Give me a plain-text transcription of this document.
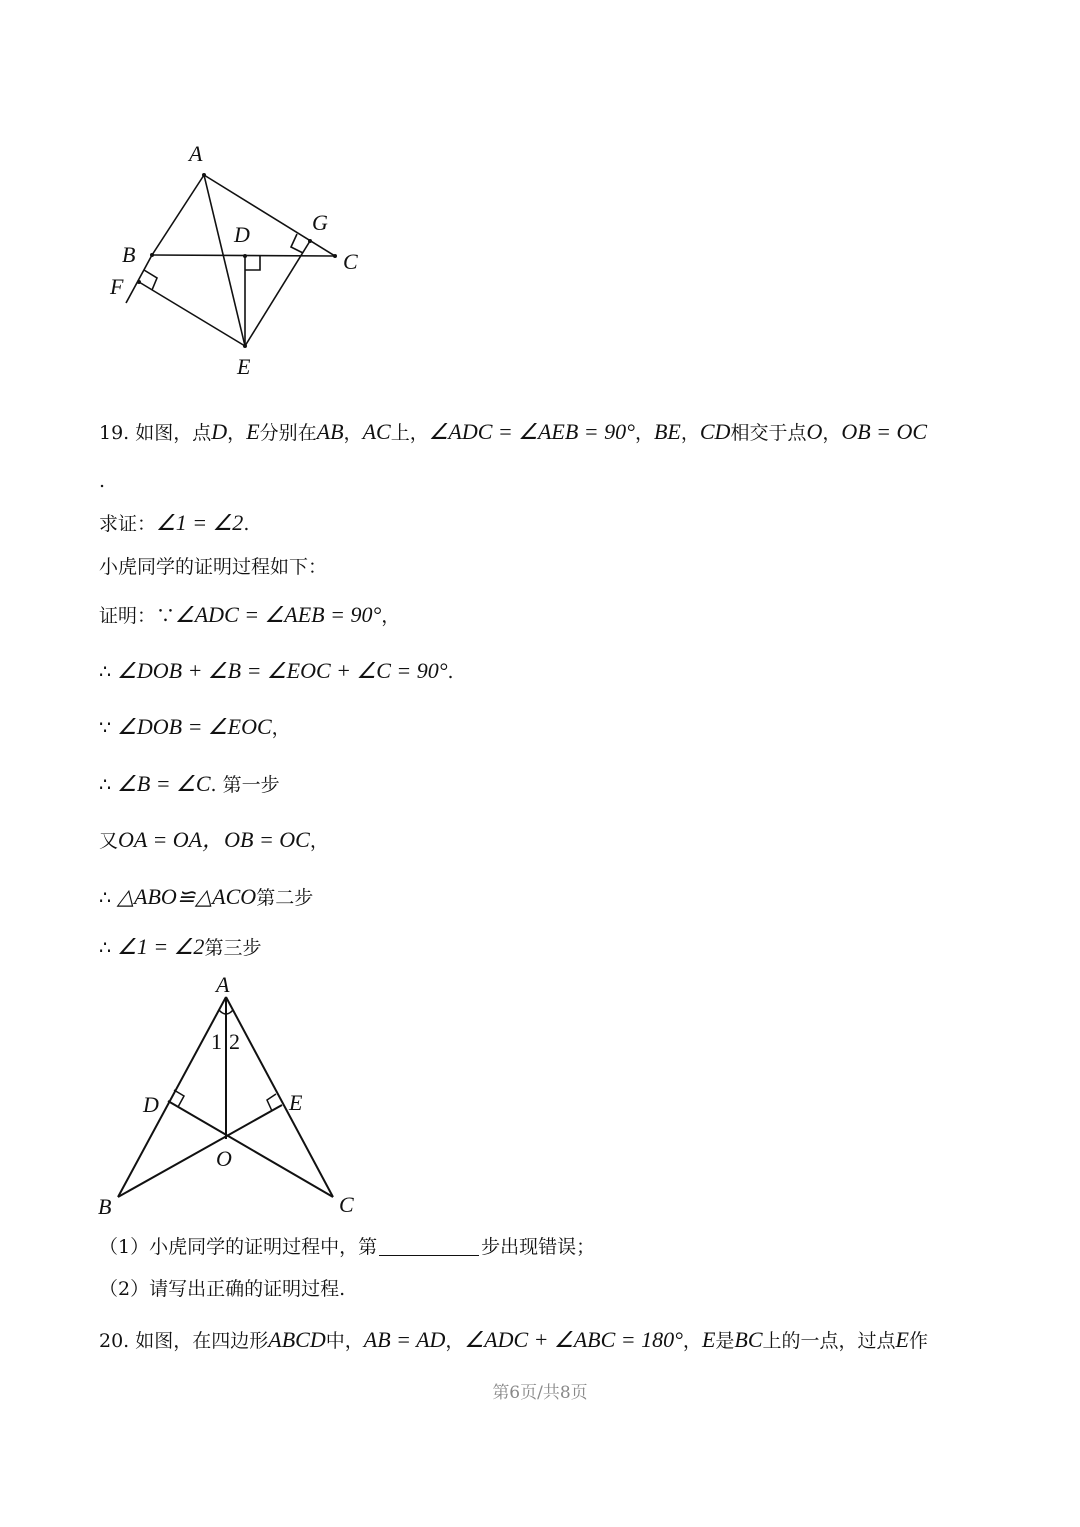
A
B	C
D
E
F
G
19. 如图，点D，E分别在AB，AC上，∠ADC = ∠AEB = 90°，BE，CD相交于点O，OB = OC
.
求证：∠1 = ∠2.
小虎同学的证明过程如下：
证明：∵∠ADC = ∠AEB = 90°，
∴ ∠DOB + ∠B = ∠EOC + ∠C = 90°.
∵ ∠DOB = ∠EOC，
∴ ∠B = ∠C. 第一步
又OA = OA，OB = OC，
∴ △ABO≌△ACO第二步
∴ ∠1 = ∠2第三步
A
B	C
D	E
O
1 2
（1）小虎同学的证明过程中，第	步出现错误；
（2）请写出正确的证明过程.
20. 如图，在四边形ABCD中，AB = AD，∠ADC + ∠ABC = 180°，E是BC上的一点，过点E作
第6页/共8页
